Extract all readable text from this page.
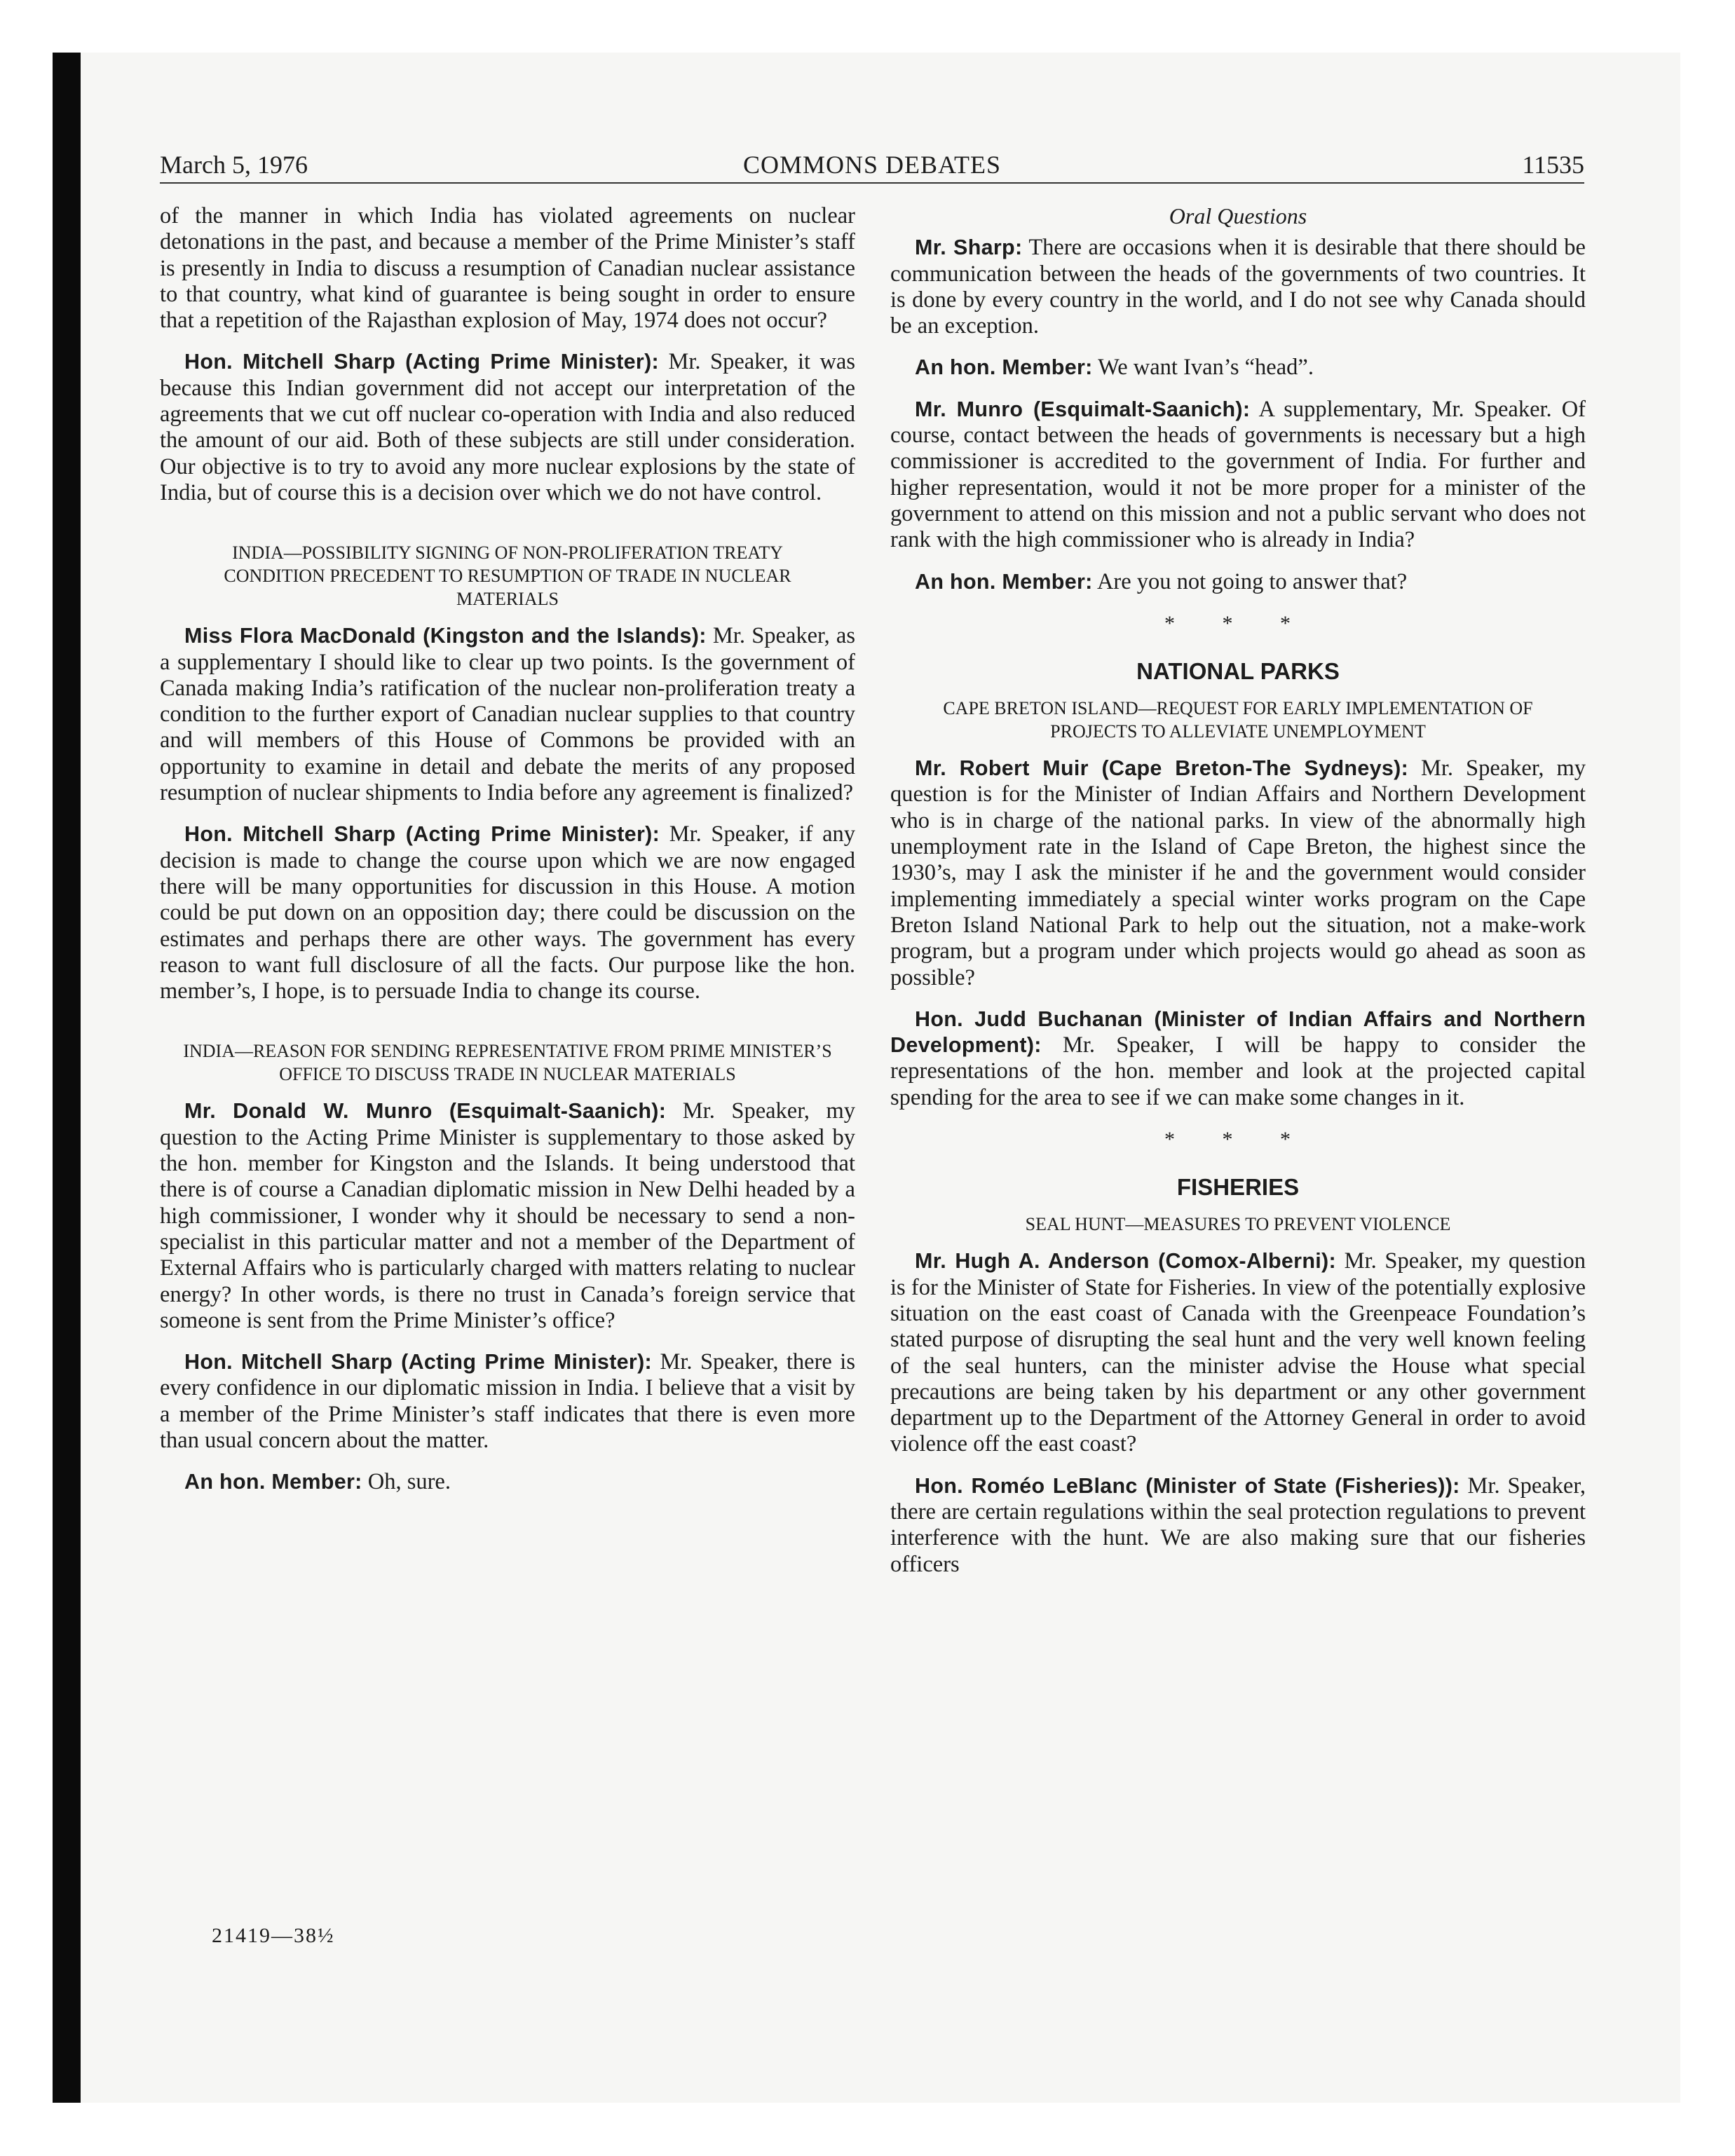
March 5, 1976	COMMONS DEBATES	11535

of the manner in which India has violated agreements on nuclear detonations in the past, and because a member of the Prime Minister’s staff is presently in India to discuss a resumption of Canadian nuclear assistance to that country, what kind of guarantee is being sought in order to ensure that a repetition of the Rajasthan explosion of May, 1974 does not occur?

Hon. Mitchell Sharp (Acting Prime Minister): Mr. Speaker, it was because this Indian government did not accept our interpretation of the agreements that we cut off nuclear co-operation with India and also reduced the amount of our aid. Both of these subjects are still under consideration. Our objective is to try to avoid any more nuclear explosions by the state of India, but of course this is a decision over which we do not have control.

INDIA—POSSIBILITY SIGNING OF NON-PROLIFERATION TREATY CONDITION PRECEDENT TO RESUMPTION OF TRADE IN NUCLEAR MATERIALS

Miss Flora MacDonald (Kingston and the Islands): Mr. Speaker, as a supplementary I should like to clear up two points. Is the government of Canada making India’s ratification of the nuclear non-proliferation treaty a condition to the further export of Canadian nuclear supplies to that country and will members of this House of Commons be provided with an opportunity to examine in detail and debate the merits of any proposed resumption of nuclear shipments to India before any agreement is finalized?

Hon. Mitchell Sharp (Acting Prime Minister): Mr. Speaker, if any decision is made to change the course upon which we are now engaged there will be many opportunities for discussion in this House. A motion could be put down on an opposition day; there could be discussion on the estimates and perhaps there are other ways. The government has every reason to want full disclosure of all the facts. Our purpose like the hon. member’s, I hope, is to persuade India to change its course.

INDIA—REASON FOR SENDING REPRESENTATIVE FROM PRIME MINISTER’S OFFICE TO DISCUSS TRADE IN NUCLEAR MATERIALS

Mr. Donald W. Munro (Esquimalt-Saanich): Mr. Speaker, my question to the Acting Prime Minister is supplementary to those asked by the hon. member for Kingston and the Islands. It being understood that there is of course a Canadian diplomatic mission in New Delhi headed by a high commissioner, I wonder why it should be necessary to send a non-specialist in this particular matter and not a member of the Department of External Affairs who is particularly charged with matters relating to nuclear energy? In other words, is there no trust in Canada’s foreign service that someone is sent from the Prime Minister’s office?

Hon. Mitchell Sharp (Acting Prime Minister): Mr. Speaker, there is every confidence in our diplomatic mission in India. I believe that a visit by a member of the Prime Minister’s staff indicates that there is even more than usual concern about the matter.

An hon. Member: Oh, sure.

Oral Questions

Mr. Sharp: There are occasions when it is desirable that there should be communication between the heads of the governments of two countries. It is done by every country in the world, and I do not see why Canada should be an exception.

An hon. Member: We want Ivan’s “head”.

Mr. Munro (Esquimalt-Saanich): A supplementary, Mr. Speaker. Of course, contact between the heads of governments is necessary but a high commissioner is accredited to the government of India. For further and higher representation, would it not be more proper for a minister of the government to attend on this mission and not a public servant who does not rank with the high commissioner who is already in India?

An hon. Member: Are you not going to answer that?

* * *
NATIONAL PARKS
CAPE BRETON ISLAND—REQUEST FOR EARLY IMPLEMENTATION OF PROJECTS TO ALLEVIATE UNEMPLOYMENT

Mr. Robert Muir (Cape Breton-The Sydneys): Mr. Speaker, my question is for the Minister of Indian Affairs and Northern Development who is in charge of the national parks. In view of the abnormally high unemployment rate in the Island of Cape Breton, the highest since the 1930’s, may I ask the minister if he and the government would consider implementing immediately a special winter works program on the Cape Breton Island National Park to help out the situation, not a make-work program, but a program under which projects would go ahead as soon as possible?

Hon. Judd Buchanan (Minister of Indian Affairs and Northern Development): Mr. Speaker, I will be happy to consider the representations of the hon. member and look at the projected capital spending for the area to see if we can make some changes in it.

* * *
FISHERIES
SEAL HUNT—MEASURES TO PREVENT VIOLENCE

Mr. Hugh A. Anderson (Comox-Alberni): Mr. Speaker, my question is for the Minister of State for Fisheries. In view of the potentially explosive situation on the east coast of Canada with the Greenpeace Foundation’s stated purpose of disrupting the seal hunt and the very well known feeling of the seal hunters, can the minister advise the House what special precautions are being taken by his department or any other government department up to the Department of the Attorney General in order to avoid violence off the east coast?

Hon. Roméo LeBlanc (Minister of State (Fisheries)): Mr. Speaker, there are certain regulations within the seal protection regulations to prevent interference with the hunt. We are also making sure that our fisheries officers

21419—38½
